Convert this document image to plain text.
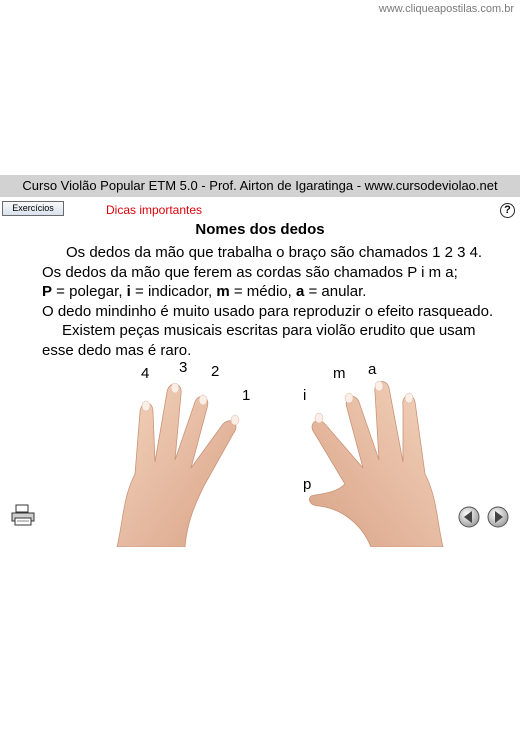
www.cliqueapostilas.com.br
Curso Violão Popular ETM 5.0 - Prof. Airton de Igaratinga - www.cursodeviolao.net
Exercícios	Dicas importantes	?
Nomes dos dedos

Os dedos da mão que trabalha o braço são chamados 1 2 3 4.

Os dedos da mão que ferem as cordas são chamados P i m a;

P = polegar, i = indicador, m = médio, a = anular.

O dedo mindinho é muito usado para reproduzir o efeito rasqueado.

Existem peças musicais escritas para violão erudito que usam

esse dedo mas é raro.

4 3 2
1	i
m a
p
